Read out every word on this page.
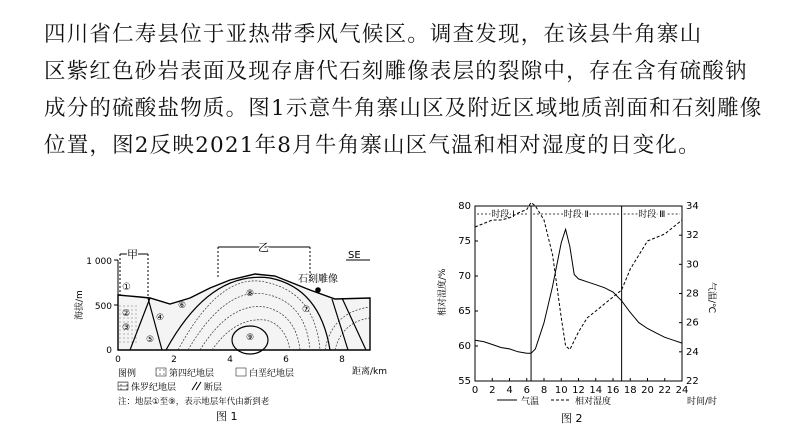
四川省仁寿县位于亚热带季风气候区。调查发现，在该县牛角寨山

区紫红色砂岩表面及现存唐代石刻雕像表层的裂隙中，存在含有硫酸钠

成分的硫酸盐物质。图1示意牛角寨山区及附近区域地质剖面和石刻雕像

位置，图2反映2021年8月牛角寨山区气温和相对湿度的日变化。

1 000
500
0
海拔/m
0	2	4	6	8
距离/km
甲
乙
SE
①
②
③
④
⑤
⑥	⑦
⑧
⑨
石刻雕像
图例	第四纪地层	白垩纪地层
侏罗纪地层	断层
注：地层①至⑨，表示地层年代由新到老
图 1
时段 Ⅰ	时段 Ⅱ	时段 Ⅲ
55
60
65
70
75
80
22
24
26
28
30
32
34
0 2 4 6 8 10 12 14 16 18 20 22 24
相对湿度/%	气温/℃
时间/时
气温	相对湿度
图 2
